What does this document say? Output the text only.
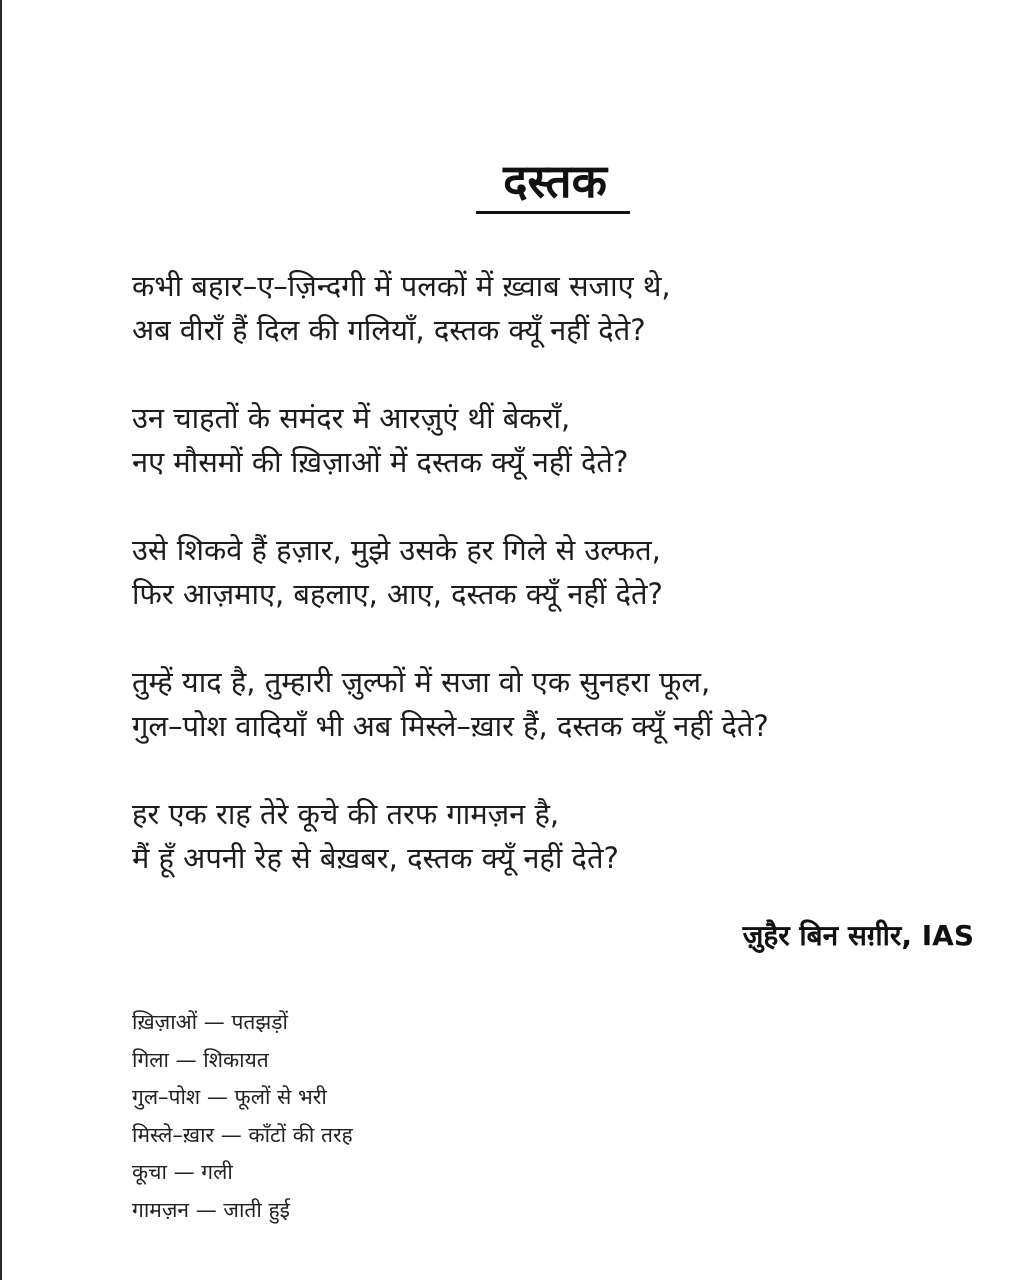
दस्तक
कभी बहार–ए–ज़िन्दगी में पलकों में ख़्वाब सजाए थे,
अब वीराँ हैं दिल की गलियाँ, दस्तक क्यूँ नहीं देते?
उन चाहतों के समंदर में आरज़ुएं थीं बेकराँ,
नए मौसमों की ख़िज़ाओं में दस्तक क्यूँ नहीं देते?
उसे शिकवे हैं हज़ार, मुझे उसके हर गिले से उल्फत,
फिर आज़माए, बहलाए, आए, दस्तक क्यूँ नहीं देते?
तुम्हें याद है, तुम्हारी ज़ुल्फों में सजा वो एक सुनहरा फूल,
गुल–पोश वादियाँ भी अब मिस्ले–ख़ार हैं, दस्तक क्यूँ नहीं देते?
हर एक राह तेरे कूचे की तरफ गामज़न है,
मैं हूँ अपनी रेह से बेख़बर, दस्तक क्यूँ नहीं देते?
ज़ुहैर बिन सग़ीर, IAS
ख़िज़ाओं — पतझड़ों
गिला — शिकायत
गुल–पोश — फूलों से भरी
मिस्ले–ख़ार — काँटों की तरह
कूचा — गली
गामज़न — जाती हुई
